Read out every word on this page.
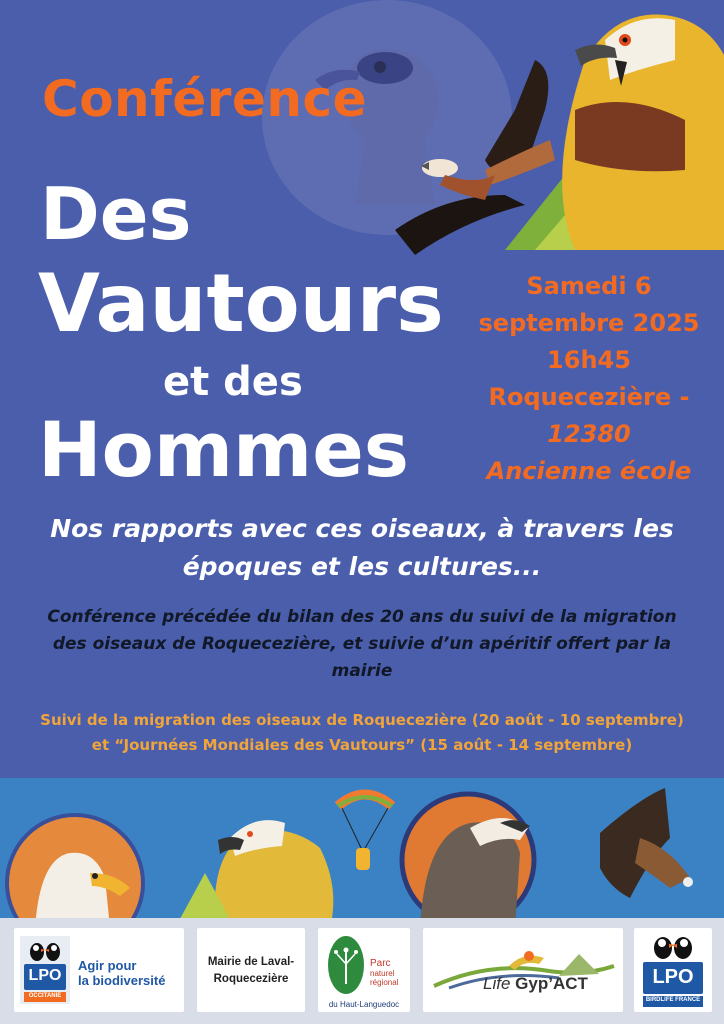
Conférence
Des
Vautours
et des
Hommes
Samedi 6
septembre 2025
16h45
Roquecezière -
12380
Ancienne école
Nos rapports avec ces oiseaux, à travers les
époques et les cultures...
Conférence précédée du bilan des 20 ans du suivi de la migration
des oiseaux de Roquecezière, et suivie d’un apéritif offert par la
mairie
Suivi de la migration des oiseaux de Roquecezière (20 août - 10 septembre)
et “Journées Mondiales des Vautours” (15 août - 14 septembre)
LPO
OCCITANIE
Agir pour
la biodiversité
Mairie de Laval-
Roquecezière
Parc
naturel
régional
du Haut-Languedoc
Life Gyp’ACT	LPO
BIRDLIFE FRANCE
